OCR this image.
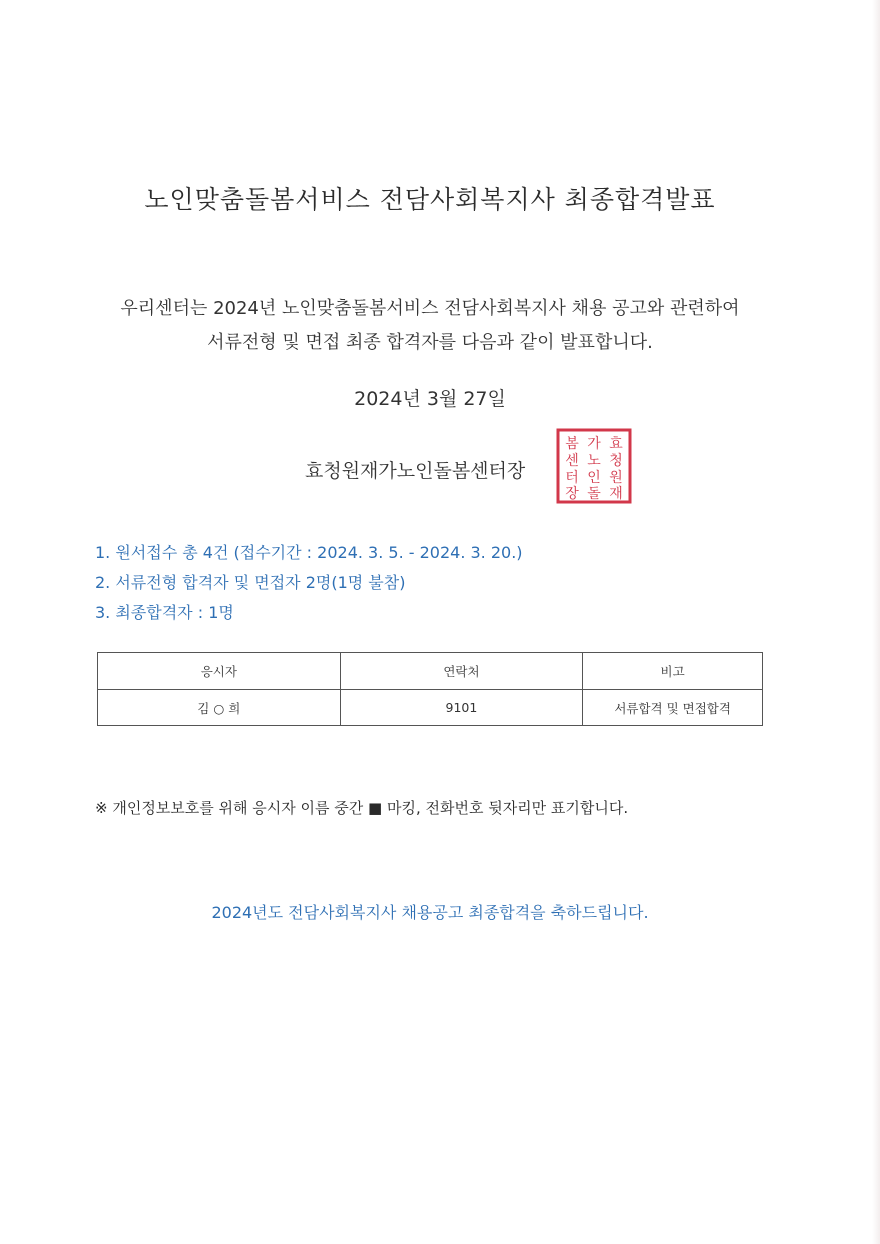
노인맞춤돌봄서비스 전담사회복지사 최종합격발표
우리센터는 2024년 노인맞춤돌봄서비스 전담사회복지사 채용 공고와 관련하여
서류전형 및 면접 최종 합격자를 다음과 같이 발표합니다.
2024년 3월 27일
효청원재가노인돌봄센터장
효
청
원
재
가
노
인
돌
봄
센
터
장
1. 원서접수 총 4건 (접수기간 : 2024. 3. 5. - 2024. 3. 20.)
2. 서류전형 합격자 및 면접자 2명(1명 불참)
3. 최종합격자 : 1명
응시자	연락처	비고
김 ○ 희	9101	서류합격 및 면접합격
※ 개인정보보호를 위해 응시자 이름 중간 ■ 마킹, 전화번호 뒷자리만 표기합니다.
2024년도 전담사회복지사 채용공고 최종합격을 축하드립니다.
